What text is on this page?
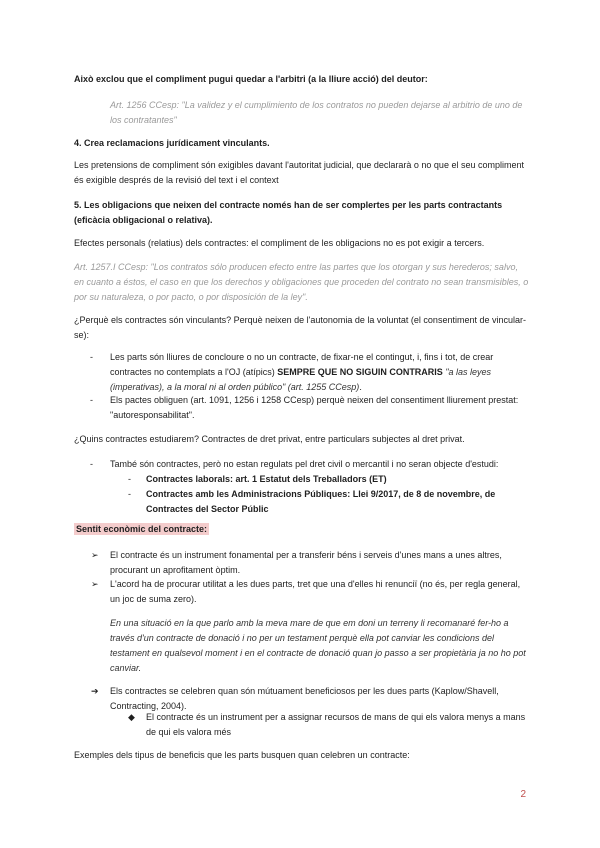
Això exclou que el compliment pugui quedar a l'arbitri (a la lliure acció) del deutor:

Art. 1256 CCesp: "La validez y el cumplimiento de los contratos no pueden dejarse al arbitrio de uno de los contratantes"

4. Crea reclamacions jurídicament vinculants.

Les pretensions de compliment són exigibles davant l'autoritat judicial, que declararà o no que el seu compliment és exigible després de la revisió del text i el context

5. Les obligacions que neixen del contracte només han de ser complertes per les parts contractants (eficàcia obligacional o relativa).

Efectes personals (relatius) dels contractes: el compliment de les obligacions no es pot exigir a tercers.

Art. 1257.I CCesp: "Los contratos sólo producen efecto entre las partes que los otorgan y sus herederos; salvo, en cuanto a éstos, el caso en que los derechos y obligaciones que proceden del contrato no sean transmisibles, o por su naturaleza, o por pacto, o por disposición de la ley".

¿Perquè els contractes són vinculants? Perquè neixen de l'autonomia de la voluntat (el consentiment de vincular-se):

- Les parts són lliures de concloure o no un contracte, de fixar-ne el contingut, i, fins i tot, de crear contractes no contemplats a l'OJ (atípics) SEMPRE QUE NO SIGUIN CONTRARIS "a las leyes (imperativas), a la moral ni al orden público" (art. 1255 CCesp).

- Els pactes obliguen (art. 1091, 1256 i 1258 CCesp) perquè neixen del consentiment lliurement prestat: "autoresponsabilitat".

¿Quins contractes estudiarem? Contractes de dret privat, entre particulars subjectes al dret privat.

- També són contractes, però no estan regulats pel dret civil o mercantil i no seran objecte d'estudi:

- Contractes laborals: art. 1 Estatut dels Treballadors (ET)

- Contractes amb les Administracions Públiques: Llei 9/2017, de 8 de novembre, de Contractes del Sector Públic

Sentit econòmic del contracte:

➢ El contracte és un instrument fonamental per a transferir béns i serveis d'unes mans a unes altres, procurant un aprofitament òptim.

➢ L'acord ha de procurar utilitat a les dues parts, tret que una d'elles hi renunciï (no és, per regla general, un joc de suma zero).

En una situació en la que parlo amb la meva mare de que em doni un terreny li recomanaré fer-ho a través d'un contracte de donació i no per un testament perquè ella pot canviar les condicions del testament en qualsevol moment i en el contracte de donació quan jo passo a ser propietària ja no ho pot canviar.

➔ Els contractes se celebren quan són mútuament beneficiosos per les dues parts (Kaplow/Shavell, Contracting, 2004).

◆ El contracte és un instrument per a assignar recursos de mans de qui els valora menys a mans de qui els valora més

Exemples dels tipus de beneficis que les parts busquen quan celebren un contracte:

2
